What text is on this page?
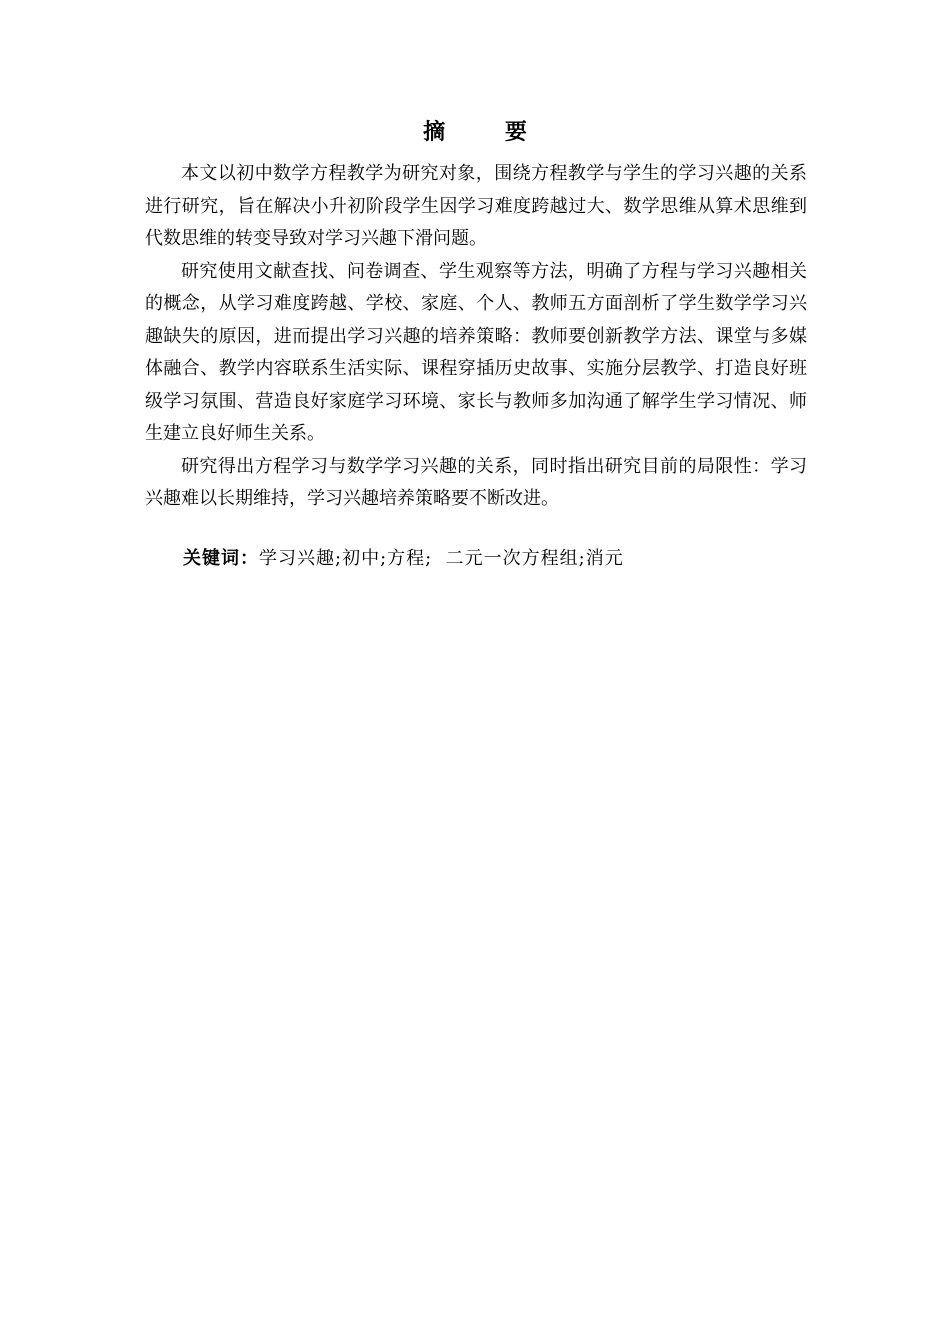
摘 要

本文以初中数学方程教学为研究对象，围绕方程教学与学生的学习兴趣的关系进行研究，旨在解决小升初阶段学生因学习难度跨越过大、数学思维从算术思维到代数思维的转变导致对学习兴趣下滑问题。

研究使用文献查找、问卷调查、学生观察等方法，明确了方程与学习兴趣相关的概念，从学习难度跨越、学校、家庭、个人、教师五方面剖析了学生数学学习兴趣缺失的原因，进而提出学习兴趣的培养策略：教师要创新教学方法、课堂与多媒体融合、教学内容联系生活实际、课程穿插历史故事、实施分层教学、打造良好班级学习氛围、营造良好家庭学习环境、家长与教师多加沟通了解学生学习情况、师生建立良好师生关系。

研究得出方程学习与数学学习兴趣的关系，同时指出研究目前的局限性：学习兴趣难以长期维持，学习兴趣培养策略要不断改进。

关键词：学习兴趣;初中;方程;  二元一次方程组;消元
